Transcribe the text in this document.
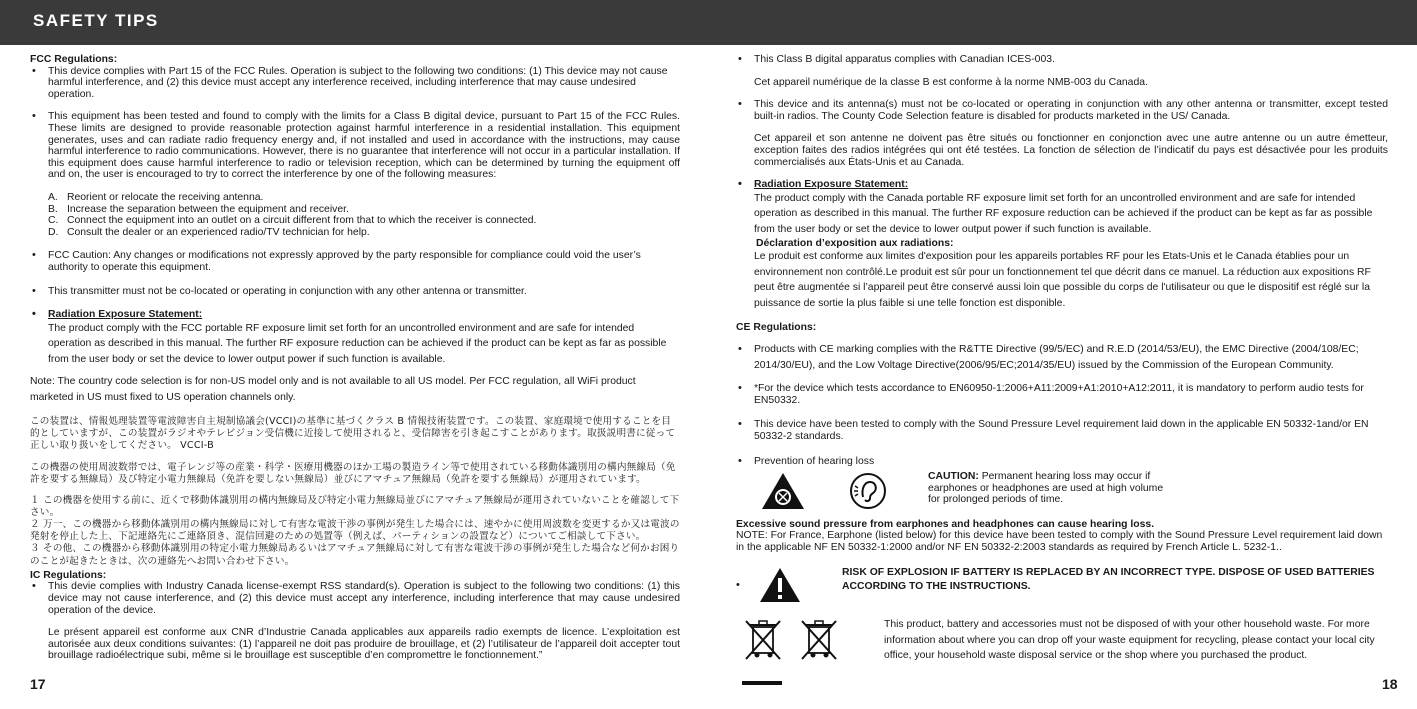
SAFETY TIPS

FCC Regulations:

• This device complies with Part 15 of the FCC Rules. Operation is subject to the following two conditions: (1) This device may not cause harmful interference, and (2) this device must accept any interference received, including interference that may cause undesired operation.

• This equipment has been tested and found to comply with the limits for a Class B digital device, pursuant to Part 15 of the FCC Rules. These limits are designed to provide reasonable protection against harmful interference in a residential installation. This equipment generates, uses and can radiate radio frequency energy and, if not installed and used in accordance with the instructions, may cause harmful interference to radio communications. However, there is no guarantee that interference will not occur in a particular installation. If this equipment does cause harmful interference to radio or television reception, which can be determined by turning the equipment off and on, the user is encouraged to try to correct the interference by one of the following measures:

A. Reorient or relocate the receiving antenna.
B. Increase the separation between the equipment and receiver.
C. Connect the equipment into an outlet on a circuit different from that to which the receiver is connected.
D. Consult the dealer or an experienced radio/TV technician for help.

• FCC Caution: Any changes or modifications not expressly approved by the party responsible for compliance could void the user’s authority to operate this equipment.

• This transmitter must not be co-located or operating in conjunction with any other antenna or transmitter.

• Radiation Exposure Statement:

The product comply with the FCC portable RF exposure limit set forth for an uncontrolled environment and are safe for intended operation as described in this manual. The further RF exposure reduction can be achieved if the product can be kept as far as possible from the user body or set the device to lower output power if such function is available.

Note: The country code selection is for non-US model only and is not available to all US model. Per FCC regulation, all WiFi product marketed in US must fixed to US operation channels only.

この装置は、情報処理装置等電波障害自主規制協議会(VCCI)の基準に基づくクラス B 情報技術装置です。この装置、家庭環境で使用することを目的としていますが、この装置がラジオやテレビジョン受信機に近接して使用されると、受信障害を引き起こすことがあります。取扱説明書に従って正しい取り扱いをしてください。 VCCI-B

この機器の使用周波数帯では、電子レンジ等の産業・科学・医療用機器のほか工場の製造ライン等で使用されている移動体識別用の構内無線局（免許を要する無線局）及び特定小電力無線局（免許を要しない無線局）並びにアマチュア無線局（免許を要する無線局）が運用されています。

１ この機器を使用する前に、近くで移動体識別用の構内無線局及び特定小電力無線局並びにアマチュア無線局が運用されていないことを確認して下さい。

２ 万一、この機器から移動体識別用の構内無線局に対して有害な電波干渉の事例が発生した場合には、速やかに使用周波数を変更するか又は電波の発射を停止した上、下記連絡先にご連絡頂き、混信回避のための処置等（例えば、パーティションの設置など）についてご相談して下さい。

３ その他、この機器から移動体識別用の特定小電力無線局あるいはアマチュア無線局に対して有害な電波干渉の事例が発生した場合など何かお困りのことが起きたときは、次の連絡先へお問い合わせ下さい。

IC Regulations:

• This devie complies with Industry Canada license-exempt RSS standard(s). Operation is subject to the following two conditions: (1) this device may not cause interference, and (2) this device must accept any interference, including interference that may cause undesired operation of the device.

Le présent appareil est conforme aux CNR d’Industrie Canada applicables aux appareils radio exempts de licence. L’exploitation est autorisée aux deux conditions suivantes: (1) l’appareil ne doit pas produire de brouillage, et (2) l’utilisateur de l’appareil doit accepter tout brouillage radioélectrique subi, même si le brouillage est susceptible d’en compromettre le fonctionnement.”

17

• This Class B digital apparatus complies with Canadian ICES-003.

Cet appareil numérique de la classe B est conforme à la norme NMB-003 du Canada.

• This device and its antenna(s) must not be co-located or operating in conjunction with any other antenna or transmitter, except tested built-in radios. The County Code Selection feature is disabled for products marketed in the US/ Canada.

Cet appareil et son antenne ne doivent pas être situés ou fonctionner en conjonction avec une autre antenne ou un autre émetteur, exception faites des radios intégrées qui ont été testées. La fonction de sélection de l’indicatif du pays est désactivée pour les produits commercialisés aux États-Unis et au Canada.

• Radiation Exposure Statement:

The product comply with the Canada portable RF exposure limit set forth for an uncontrolled environment and are safe for intended operation as described in this manual. The further RF exposure reduction can be achieved if the product can be kept as far as possible from the user body or set the device to lower output power if such function is available.

Déclaration d’exposition aux radiations:

Le produit est conforme aux limites d'exposition pour les appareils portables RF pour les Etats-Unis et le Canada établies pour un environnement non contrôlé.Le produit est sûr pour un fonctionnement tel que décrit dans ce manuel. La réduction aux expositions RF peut être augmentée si l’appareil peut être conservé aussi loin que possible du corps de l'utilisateur ou que le dispositif est réglé sur la puissance de sortie la plus faible si une telle fonction est disponible.

CE Regulations:

• Products with CE marking complies with the R&TTE Directive (99/5/EC) and R.E.D (2014/53/EU), the EMC Directive (2004/108/EC; 2014/30/EU), and the Low Voltage Directive(2006/95/EC;2014/35/EU) issued by the Commission of the European Community.

• *For the device which tests accordance to EN60950-1:2006+A11:2009+A1:2010+A12:2011, it is mandatory to perform audio tests for EN50332.

• This device have been tested to comply with the Sound Pressure Level requirement laid down in the applicable EN 50332-1and/or EN 50332-2 standards.

• Prevention of hearing loss

CAUTION: Permanent hearing loss may occur if earphones or headphones are used at high volume for prolonged periods of time.

Excessive sound pressure from earphones and headphones can cause hearing loss.

NOTE: For France, Earphone (listed below) for this device have been tested to comply with the Sound Pressure Level requirement laid down in the applicable NF EN 50332-1:2000 and/or NF EN 50332-2:2003 standards as required by French Article L. 5232-1..

•
RISK OF EXPLOSION IF BATTERY IS REPLACED BY AN INCORRECT TYPE. DISPOSE OF USED BATTERIES ACCORDING TO THE INSTRUCTIONS.
This product, battery and accessories must not be disposed of with your other household waste. For more information about where you can drop off your waste equipment for recycling, please contact your local city office, your household waste disposal service or the shop where you purchased the product.
18
